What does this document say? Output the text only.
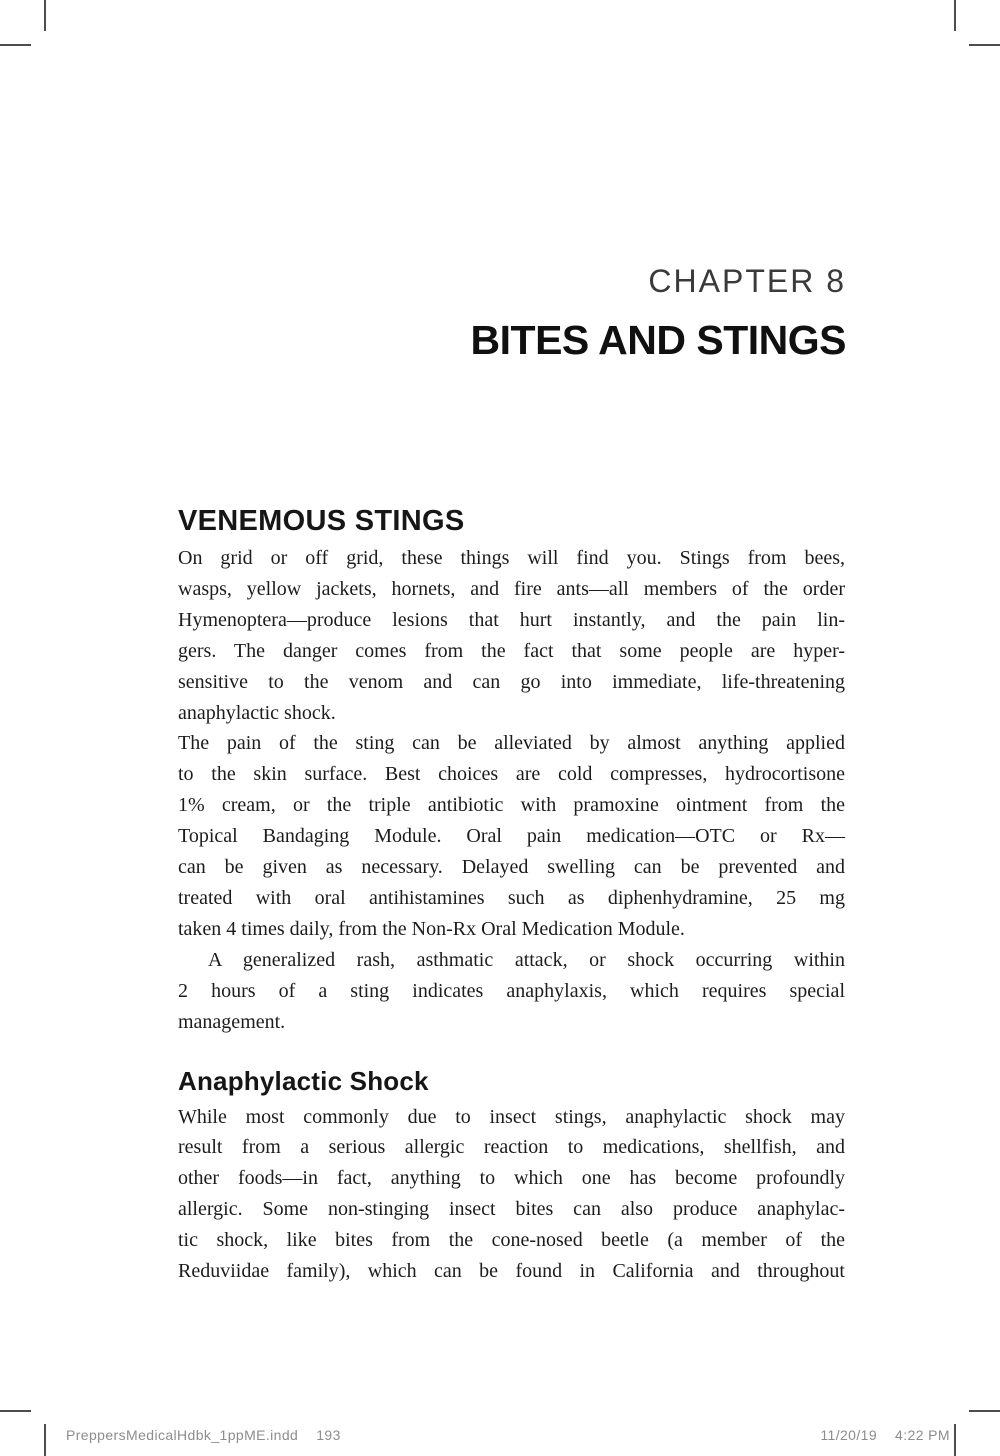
CHAPTER 8
BITES AND STINGS
VENEMOUS STINGS
On grid or off grid, these things will find you. Stings from bees,
wasps, yellow jackets, hornets, and fire ants—all members of the order
Hymenoptera—produce lesions that hurt instantly, and the pain lin-
gers. The danger comes from the fact that some people are hyper-
sensitive to the venom and can go into immediate, life-threatening
anaphylactic shock.
The pain of the sting can be alleviated by almost anything applied
to the skin surface. Best choices are cold compresses, hydrocortisone
1% cream, or the triple antibiotic with pramoxine ointment from the
Topical Bandaging Module. Oral pain medication—OTC or Rx—
can be given as necessary. Delayed swelling can be prevented and
treated with oral antihistamines such as diphenhydramine, 25 mg
taken 4 times daily, from the Non-Rx Oral Medication Module.
A generalized rash, asthmatic attack, or shock occurring within
2 hours of a sting indicates anaphylaxis, which requires special
management.
Anaphylactic Shock
While most commonly due to insect stings, anaphylactic shock may
result from a serious allergic reaction to medications, shellfish, and
other foods—in fact, anything to which one has become profoundly
allergic. Some non-stinging insect bites can also produce anaphylac-
tic shock, like bites from the cone-nosed beetle (a member of the
Reduviidae family), which can be found in California and throughout
PreppersMedicalHdbk_1ppME.indd 193	11/20/19 4:22 PM
